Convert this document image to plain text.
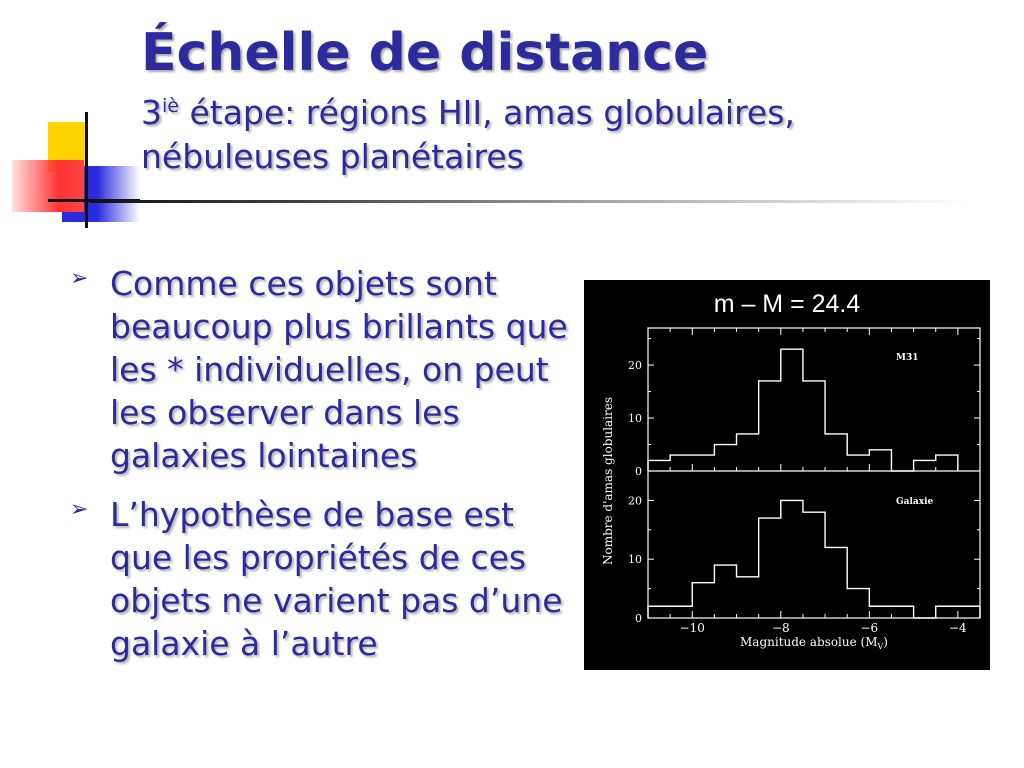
Échelle de distance

$3^{iè}$ étape: régions HII, amas globulaires,
nébuleuses planétaires

➢ Comme ces objets sont beaucoup plus brillants que les * individuelles, on peut les observer dans les galaxies lointaines
➢ L’hypothèse de base est que les propriétés de ces objets ne varient pas d’une galaxie à l’autre
m – M = 24.4
0
10
20
M31
0
10
20	Galaxie
−10	−8	−6	−4
Magnitude absolue $(M_V)$
Nombre d'amas globulaires
